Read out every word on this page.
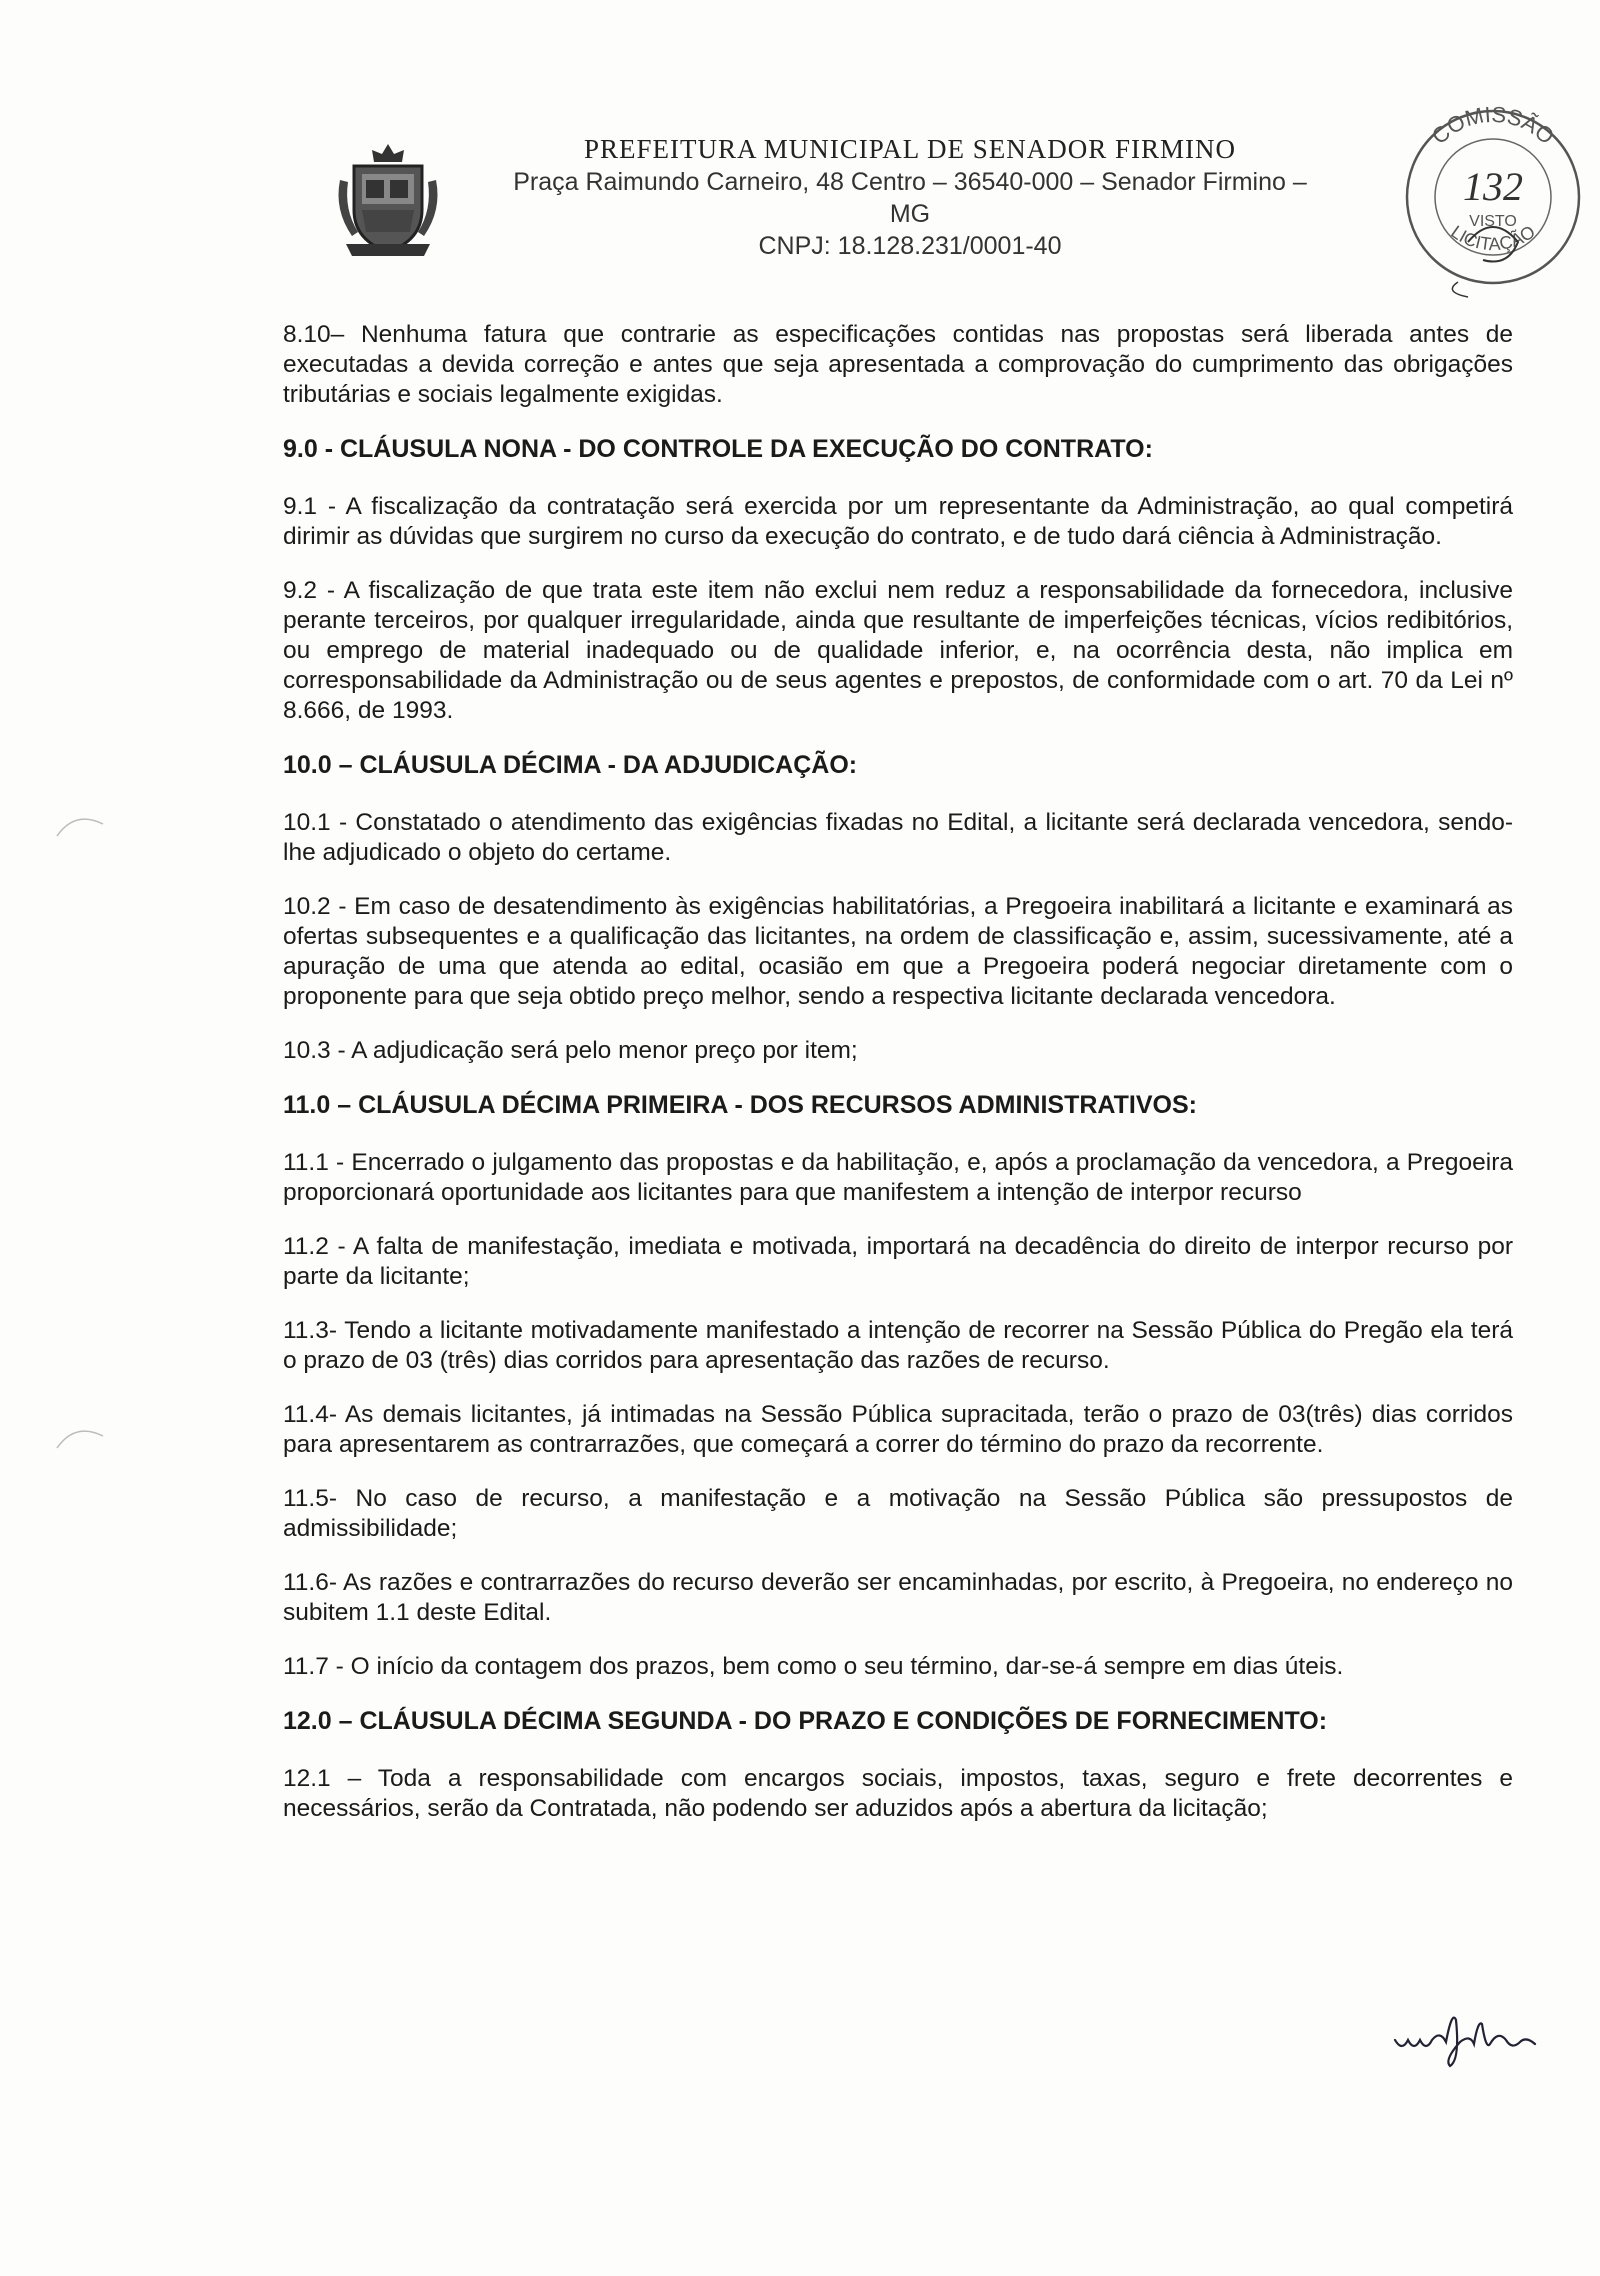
PREFEITURA MUNICIPAL DE SENADOR FIRMINO
Praça Raimundo Carneiro, 48 Centro – 36540-000 – Senador Firmino – MG
CNPJ: 18.128.231/0001-40
COMISSÃO
132
VISTO
LICITAÇÃO

8.10– Nenhuma fatura que contrarie as especificações contidas nas propostas será liberada antes de executadas a devida correção e antes que seja apresentada a comprovação do cumprimento das obrigações tributárias e sociais legalmente exigidas.

9.0 - CLÁUSULA NONA - DO CONTROLE DA EXECUÇÃO DO CONTRATO:

9.1 - A fiscalização da contratação será exercida por um representante da Administração, ao qual competirá dirimir as dúvidas que surgirem no curso da execução do contrato, e de tudo dará ciência à Administração.

9.2 - A fiscalização de que trata este item não exclui nem reduz a responsabilidade da fornecedora, inclusive perante terceiros, por qualquer irregularidade, ainda que resultante de imperfeições técnicas, vícios redibitórios, ou emprego de material inadequado ou de qualidade inferior, e, na ocorrência desta, não implica em corresponsabilidade da Administração ou de seus agentes e prepostos, de conformidade com o art. 70 da Lei nº 8.666, de 1993.

10.0 – CLÁUSULA DÉCIMA - DA ADJUDICAÇÃO:

10.1 - Constatado o atendimento das exigências fixadas no Edital, a licitante será declarada vencedora, sendo-lhe adjudicado o objeto do certame.

10.2 - Em caso de desatendimento às exigências habilitatórias, a Pregoeira inabilitará a licitante e examinará as ofertas subsequentes e a qualificação das licitantes, na ordem de classificação e, assim, sucessivamente, até a apuração de uma que atenda ao edital, ocasião em que a Pregoeira poderá negociar diretamente com o proponente para que seja obtido preço melhor, sendo a respectiva licitante declarada vencedora.

10.3 - A adjudicação será pelo menor preço por item;

11.0 – CLÁUSULA DÉCIMA PRIMEIRA - DOS RECURSOS ADMINISTRATIVOS:

11.1 - Encerrado o julgamento das propostas e da habilitação, e, após a proclamação da vencedora, a Pregoeira proporcionará oportunidade aos licitantes para que manifestem a intenção de interpor recurso

11.2 - A falta de manifestação, imediata e motivada, importará na decadência do direito de interpor recurso por parte da licitante;

11.3- Tendo a licitante motivadamente manifestado a intenção de recorrer na Sessão Pública do Pregão ela terá o prazo de 03 (três) dias corridos para apresentação das razões de recurso.

11.4- As demais licitantes, já intimadas na Sessão Pública supracitada, terão o prazo de 03(três) dias corridos para apresentarem as contrarrazões, que começará a correr do término do prazo da recorrente.

11.5- No caso de recurso, a manifestação e a motivação na Sessão Pública são pressupostos de admissibilidade;

11.6- As razões e contrarrazões do recurso deverão ser encaminhadas, por escrito, à Pregoeira, no endereço no subitem 1.1 deste Edital.

11.7 - O início da contagem dos prazos, bem como o seu término, dar-se-á sempre em dias úteis.

12.0 – CLÁUSULA DÉCIMA SEGUNDA - DO PRAZO E CONDIÇÕES DE FORNECIMENTO:

12.1 – Toda a responsabilidade com encargos sociais, impostos, taxas, seguro e frete decorrentes e necessários, serão da Contratada, não podendo ser aduzidos após a abertura da licitação;
